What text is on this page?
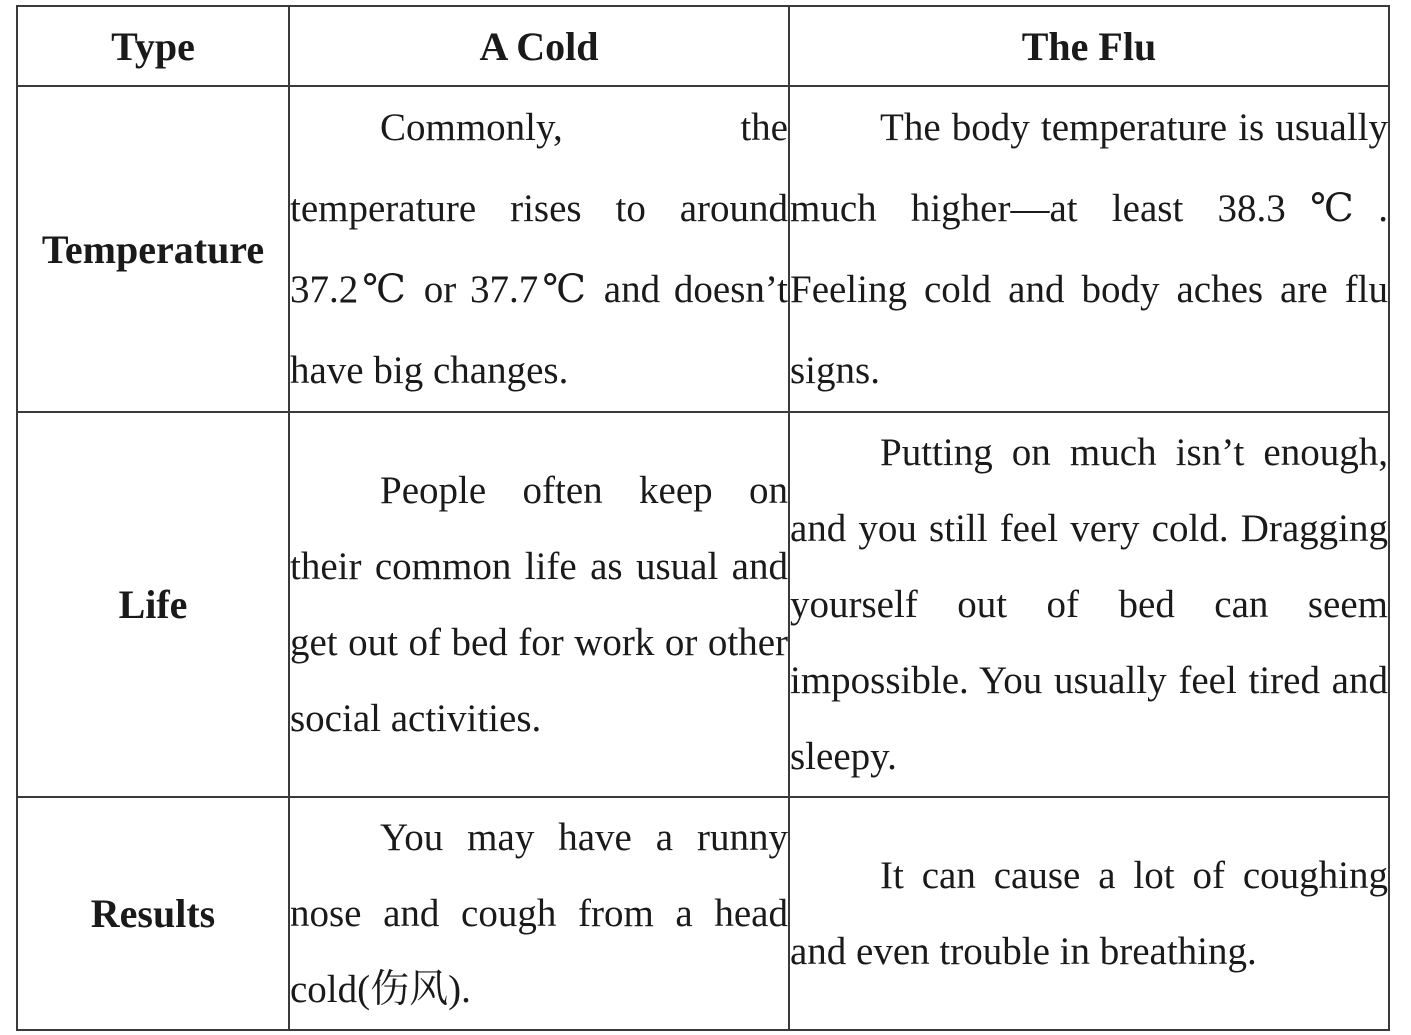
Type	A Cold	The Flu
Temperature	Commonly, the temperature rises to around 37.2℃ or 37.7℃ and doesn’t have big changes.	The body temperature is usually much higher—at least 38.3℃. Feeling cold and body aches are flu signs.

Life	People often keep on their common life as usual and get out of bed for work or other social activities.	Putting on much isn’t enough, and you still feel very cold. Dragging yourself out of bed can seem impossible. You usually feel tired and sleepy.

Results	You may have a runny nose and cough from a head cold(伤风).	It can cause a lot of coughing and even trouble in breathing.
